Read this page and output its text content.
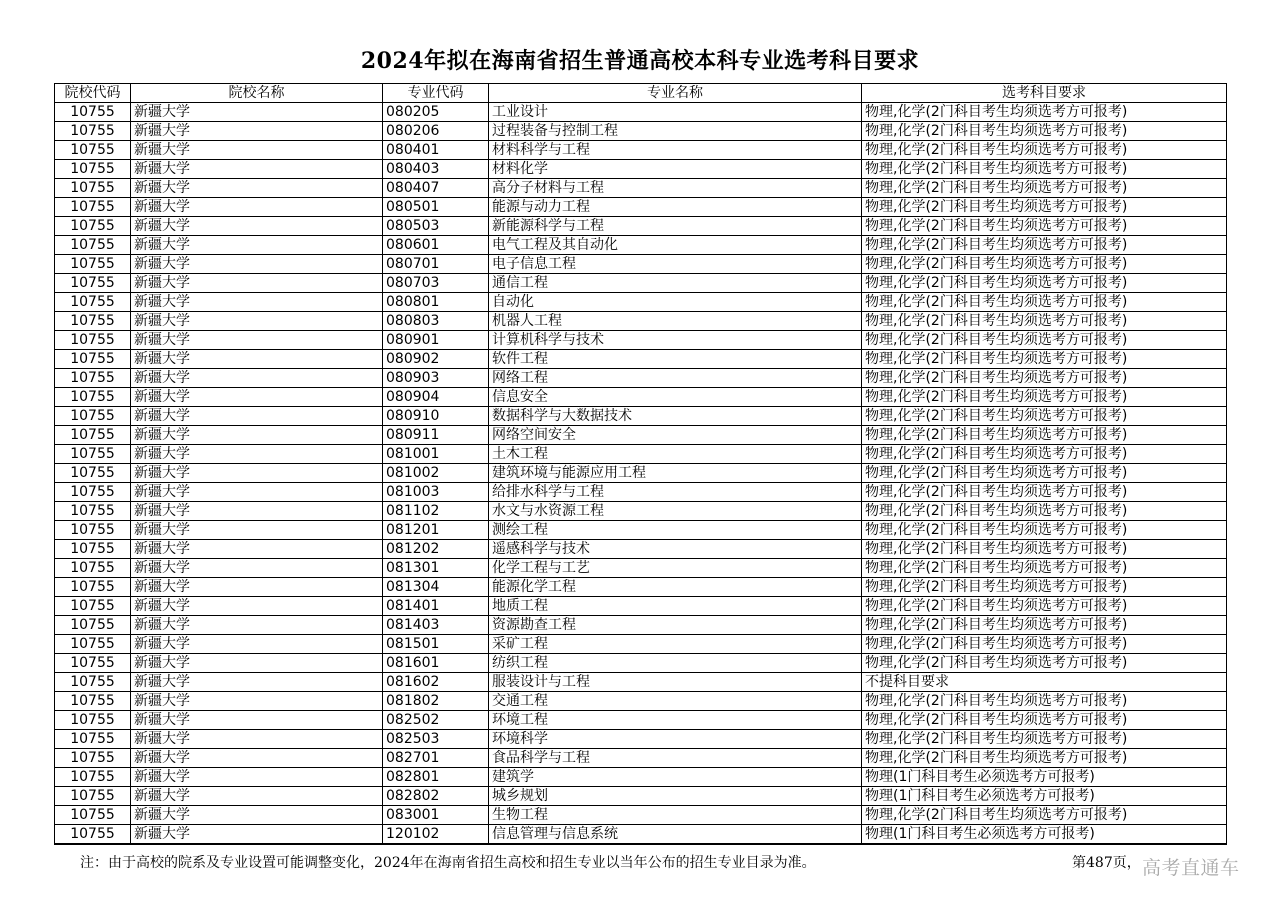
2024年拟在海南省招生普通高校本科专业选考科目要求
院校代码	院校名称	专业代码	专业名称	选考科目要求
10755	新疆大学	080205	工业设计	物理,化学(2门科目考生均须选考方可报考)
10755	新疆大学	080206	过程装备与控制工程	物理,化学(2门科目考生均须选考方可报考)
10755	新疆大学	080401	材料科学与工程	物理,化学(2门科目考生均须选考方可报考)
10755	新疆大学	080403	材料化学	物理,化学(2门科目考生均须选考方可报考)
10755	新疆大学	080407	高分子材料与工程	物理,化学(2门科目考生均须选考方可报考)
10755	新疆大学	080501	能源与动力工程	物理,化学(2门科目考生均须选考方可报考)
10755	新疆大学	080503	新能源科学与工程	物理,化学(2门科目考生均须选考方可报考)
10755	新疆大学	080601	电气工程及其自动化	物理,化学(2门科目考生均须选考方可报考)
10755	新疆大学	080701	电子信息工程	物理,化学(2门科目考生均须选考方可报考)
10755	新疆大学	080703	通信工程	物理,化学(2门科目考生均须选考方可报考)
10755	新疆大学	080801	自动化	物理,化学(2门科目考生均须选考方可报考)
10755	新疆大学	080803	机器人工程	物理,化学(2门科目考生均须选考方可报考)
10755	新疆大学	080901	计算机科学与技术	物理,化学(2门科目考生均须选考方可报考)
10755	新疆大学	080902	软件工程	物理,化学(2门科目考生均须选考方可报考)
10755	新疆大学	080903	网络工程	物理,化学(2门科目考生均须选考方可报考)
10755	新疆大学	080904	信息安全	物理,化学(2门科目考生均须选考方可报考)
10755	新疆大学	080910	数据科学与大数据技术	物理,化学(2门科目考生均须选考方可报考)
10755	新疆大学	080911	网络空间安全	物理,化学(2门科目考生均须选考方可报考)
10755	新疆大学	081001	土木工程	物理,化学(2门科目考生均须选考方可报考)
10755	新疆大学	081002	建筑环境与能源应用工程	物理,化学(2门科目考生均须选考方可报考)
10755	新疆大学	081003	给排水科学与工程	物理,化学(2门科目考生均须选考方可报考)
10755	新疆大学	081102	水文与水资源工程	物理,化学(2门科目考生均须选考方可报考)
10755	新疆大学	081201	测绘工程	物理,化学(2门科目考生均须选考方可报考)
10755	新疆大学	081202	遥感科学与技术	物理,化学(2门科目考生均须选考方可报考)
10755	新疆大学	081301	化学工程与工艺	物理,化学(2门科目考生均须选考方可报考)
10755	新疆大学	081304	能源化学工程	物理,化学(2门科目考生均须选考方可报考)
10755	新疆大学	081401	地质工程	物理,化学(2门科目考生均须选考方可报考)
10755	新疆大学	081403	资源勘查工程	物理,化学(2门科目考生均须选考方可报考)
10755	新疆大学	081501	采矿工程	物理,化学(2门科目考生均须选考方可报考)
10755	新疆大学	081601	纺织工程	物理,化学(2门科目考生均须选考方可报考)
10755	新疆大学	081602	服装设计与工程	不提科目要求
10755	新疆大学	081802	交通工程	物理,化学(2门科目考生均须选考方可报考)
10755	新疆大学	082502	环境工程	物理,化学(2门科目考生均须选考方可报考)
10755	新疆大学	082503	环境科学	物理,化学(2门科目考生均须选考方可报考)
10755	新疆大学	082701	食品科学与工程	物理,化学(2门科目考生均须选考方可报考)
10755	新疆大学	082801	建筑学	物理(1门科目考生必须选考方可报考)
10755	新疆大学	082802	城乡规划	物理(1门科目考生必须选考方可报考)
10755	新疆大学	083001	生物工程	物理,化学(2门科目考生均须选考方可报考)
10755	新疆大学	120102	信息管理与信息系统	物理(1门科目考生必须选考方可报考)
注：由于高校的院系及专业设置可能调整变化，2024年在海南省招生高校和招生专业以当年公布的招生专业目录为准。	第487页， 高考直通车
